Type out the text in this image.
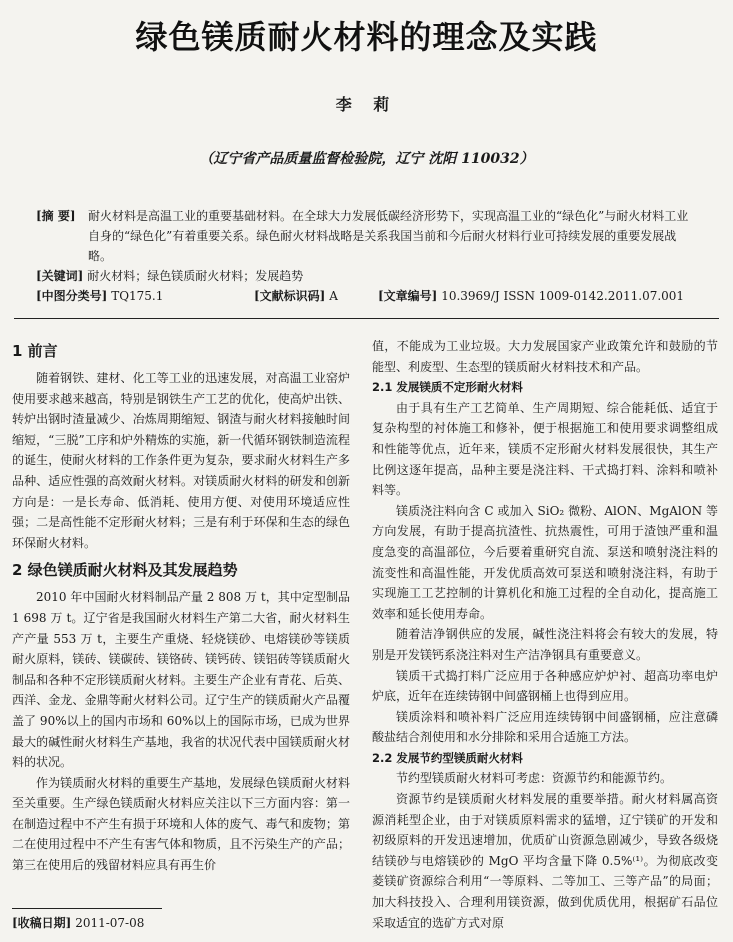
绿色镁质耐火材料的理念及实践
李 莉
（辽宁省产品质量监督检验院，辽宁 沈阳 110032）
[摘 要] 耐火材料是高温工业的重要基础材料。在全球大力发展低碳经济形势下，实现高温工业的“绿色化”与耐火材料工业自身的“绿色化”有着重要关系。绿色耐火材料战略是关系我国当前和今后耐火材料行业可持续发展的重要发展战略。
[关键词] 耐火材料；绿色镁质耐火材料；发展趋势
[中图分类号] TQ175.1	[文献标识码] A	[文章编号] 10.3969/J ISSN 1009-0142.2011.07.001
1 前言

随着钢铁、建材、化工等工业的迅速发展，对高温工业窑炉使用要求越来越高，特别是钢铁生产工艺的优化，使高炉出铁、转炉出钢时渣量减少、冶炼周期缩短、钢渣与耐火材料接触时间缩短，“三脱”工序和炉外精炼的实施，新一代循环钢铁制造流程的诞生，使耐火材料的工作条件更为复杂，要求耐火材料生产多品种、适应性强的高效耐火材料。对镁质耐火材料的研发和创新方向是：一是长寿命、低消耗、使用方便、对使用环境适应性强；二是高性能不定形耐火材料；三是有利于环保和生态的绿色环保耐火材料。

2 绿色镁质耐火材料及其发展趋势

2010 年中国耐火材料制品产量 2 808 万 t，其中定型制品 1 698 万 t。辽宁省是我国耐火材料生产第二大省，耐火材料生产产量 553 万 t，主要生产重烧、轻烧镁砂、电熔镁砂等镁质耐火原料，镁砖、镁碳砖、镁铬砖、镁钙砖、镁铝砖等镁质耐火制品和各种不定形镁质耐火材料。主要生产企业有青花、后英、西洋、金龙、金鼎等耐火材料公司。辽宁生产的镁质耐火产品覆盖了 90%以上的国内市场和 60%以上的国际市场，已成为世界最大的碱性耐火材料生产基地，我省的状况代表中国镁质耐火材料的状况。

作为镁质耐火材料的重要生产基地，发展绿色镁质耐火材料至关重要。生产绿色镁质耐火材料应关注以下三方面内容：第一在制造过程中不产生有损于环境和人体的废气、毒气和废物；第二在使用过程中不产生有害气体和物质，且不污染生产的产品；第三在使用后的残留材料应具有再生价

值，不能成为工业垃圾。大力发展国家产业政策允许和鼓励的节能型、利废型、生态型的镁质耐火材料技术和产品。

2.1 发展镁质不定形耐火材料

由于具有生产工艺简单、生产周期短、综合能耗低、适宜于复杂构型的衬体施工和修补，便于根据施工和使用要求调整组成和性能等优点，近年来，镁质不定形耐火材料发展很快，其生产比例这逐年提高，品种主要是浇注料、干式捣打料、涂料和喷补料等。

镁质浇注料向含 C 或加入 SiO₂ 微粉、AlON、MgAlON 等方向发展，有助于提高抗渣性、抗热震性，可用于渣蚀严重和温度急变的高温部位，今后要着重研究自流、泵送和喷射浇注料的流变性和高温性能，开发优质高效可泵送和喷射浇注料，有助于实现施工工艺控制的计算机化和施工过程的全自动化，提高施工效率和延长使用寿命。

随着洁净钢供应的发展，碱性浇注料将会有较大的发展，特别是开发镁钙系浇注料对生产洁净钢具有重要意义。

镁质干式捣打料广泛应用于各种感应炉炉衬、超高功率电炉炉底，近年在连续铸钢中间盛钢桶上也得到应用。

镁质涂料和喷补料广泛应用连续铸钢中间盛钢桶，应注意磷酸盐结合剂使用和水分排除和采用合适施工方法。

2.2 发展节约型镁质耐火材料

节约型镁质耐火材料可考虑：资源节约和能源节约。

资源节约是镁质耐火材料发展的重要举措。耐火材料属高资源消耗型企业，由于对镁质原料需求的猛增，辽宁镁矿的开发和初级原料的开发迅速增加，优质矿山资源急剧减少，导致各级烧结镁砂与电熔镁砂的 MgO 平均含量下降 0.5%⁽¹⁾。为彻底改变菱镁矿资源综合利用“一等原料、二等加工、三等产品”的局面；加大科技投入、合理利用镁资源，做到优质优用，根据矿石品位采取适宜的选矿方式对原

[收稿日期] 2011-07-08
